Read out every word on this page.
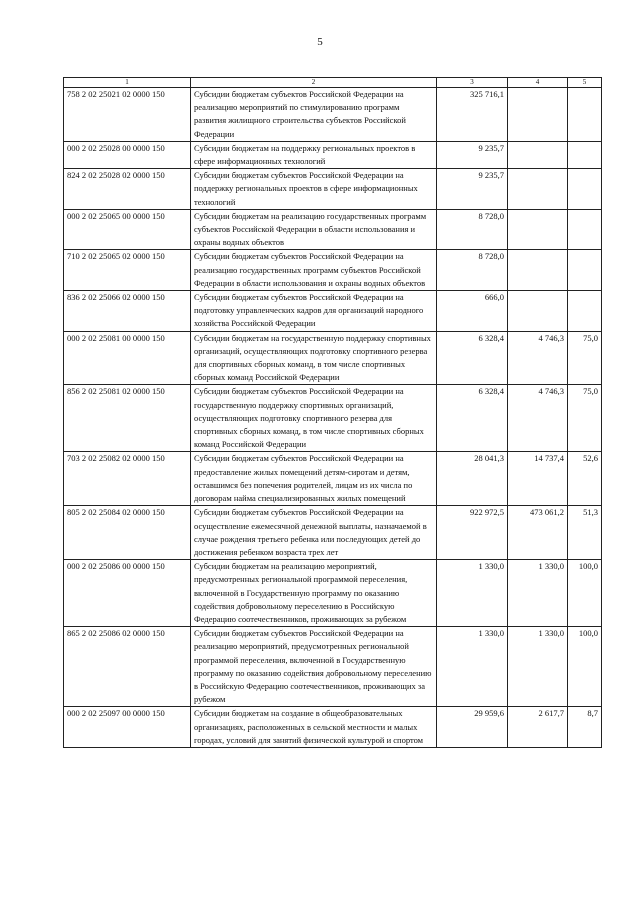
5
1	2	3	4	5
758 2 02 25021 02 0000 150	Субсидии бюджетам субъектов Российской Федерации на реализацию мероприятий по стимулированию программ развития жилищного строительства субъектов Российской Федерации	325 716,1		
000 2 02 25028 00 0000 150	Субсидии бюджетам на поддержку региональных проектов в сфере информационных технологий	9 235,7		
824 2 02 25028 02 0000 150	Субсидии бюджетам субъектов Российской Федерации на поддержку региональных проектов в сфере информационных технологий	9 235,7		
000 2 02 25065 00 0000 150	Субсидии бюджетам на реализацию государственных программ субъектов Российской Федерации в области использования и охраны водных объектов	8 728,0		
710 2 02 25065 02 0000 150	Субсидии бюджетам субъектов Российской Федерации на реализацию государственных программ субъектов Российской Федерации в области использования и охраны водных объектов	8 728,0		
836 2 02 25066 02 0000 150	Субсидии бюджетам субъектов Российской Федерации на подготовку управленческих кадров для организаций народного хозяйства Российской Федерации	666,0		
000 2 02 25081 00 0000 150	Субсидии бюджетам на государственную поддержку спортивных организаций, осуществляющих подготовку спортивного резерва для спортивных сборных команд, в том числе спортивных сборных команд Российской Федерации	6 328,4	4 746,3	75,0
856 2 02 25081 02 0000 150	Субсидии бюджетам субъектов Российской Федерации на государственную поддержку спортивных организаций, осуществляющих подготовку спортивного резерва для спортивных сборных команд, в том числе спортивных сборных команд Российской Федерации	6 328,4	4 746,3	75,0
703 2 02 25082 02 0000 150	Субсидии бюджетам субъектов Российской Федерации на предоставление жилых помещений детям-сиротам и детям, оставшимся без попечения родителей, лицам из их числа по договорам найма специализированных жилых помещений	28 041,3	14 737,4	52,6
805 2 02 25084 02 0000 150	Субсидии бюджетам субъектов Российской Федерации на осуществление ежемесячной денежной выплаты, назначаемой в случае рождения третьего ребенка или последующих детей до достижения ребенком возраста трех лет	922 972,5	473 061,2	51,3
000 2 02 25086 00 0000 150	Субсидии бюджетам на реализацию мероприятий, предусмотренных региональной программой переселения, включенной в Государственную программу по оказанию содействия добровольному переселению в Российскую Федерацию соотечественников, проживающих за рубежом	1 330,0	1 330,0	100,0
865 2 02 25086 02 0000 150	Субсидии бюджетам субъектов Российской Федерации на реализацию мероприятий, предусмотренных региональной программой переселения, включенной в Государственную программу по оказанию содействия добровольному переселению в Российскую Федерацию соотечественников, проживающих за рубежом	1 330,0	1 330,0	100,0
000 2 02 25097 00 0000 150	Субсидии бюджетам на создание в общеобразовательных организациях, расположенных в сельской местности и малых городах, условий для занятий физической культурой и спортом	29 959,6	2 617,7	8,7
